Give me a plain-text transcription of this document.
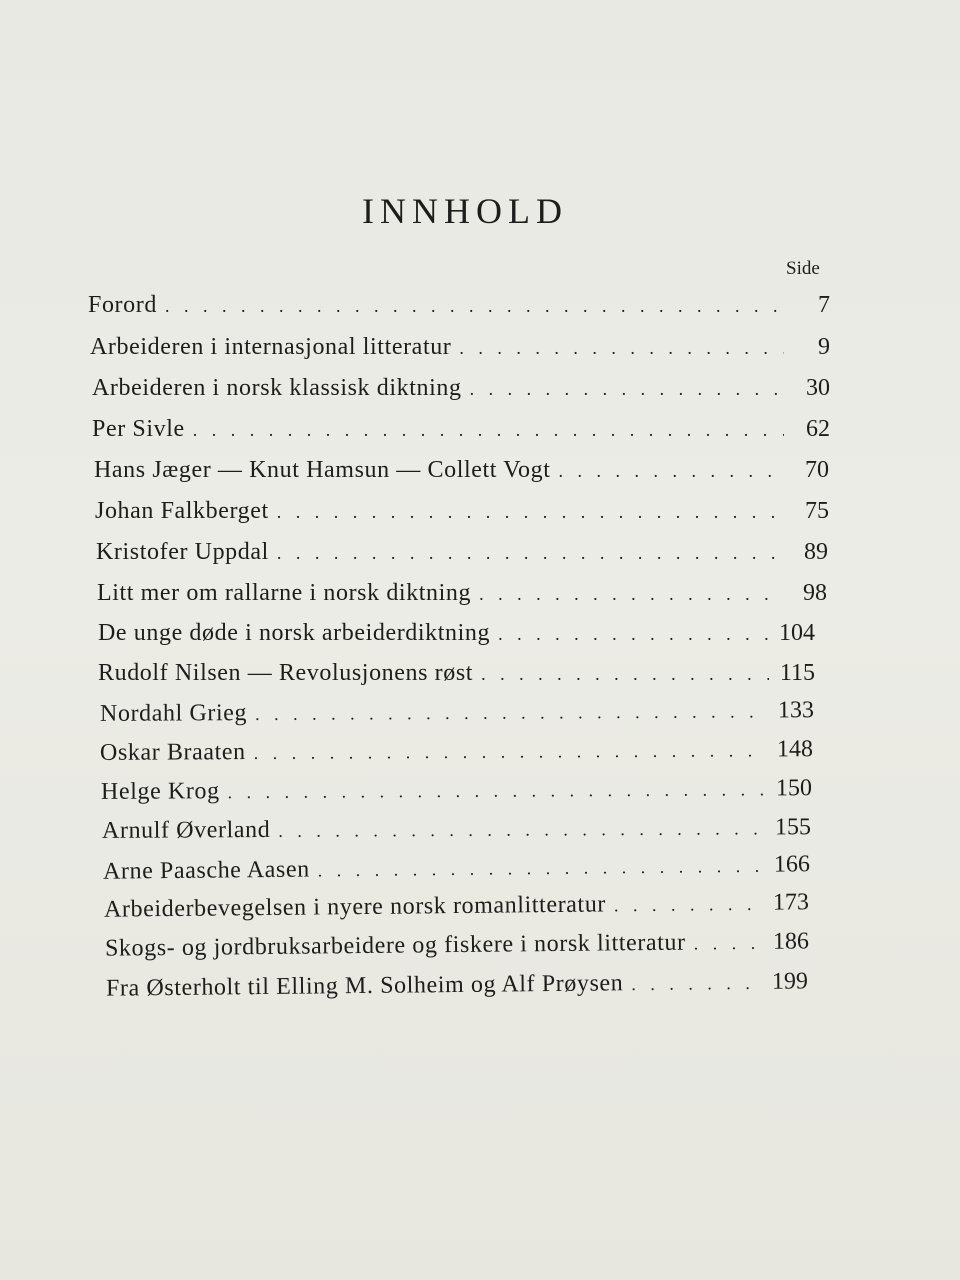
INNHOLD
Side
Forord . . .	7
Arbeideren i internasjonal litteratur . . .	9
Arbeideren i norsk klassisk diktning . . .	30
Per Sivle . . .	62
Hans Jæger — Knut Hamsun — Collett Vogt . . .	70
Johan Falkberget . . .	75
Kristofer Uppdal . . .	89
Litt mer om rallarne i norsk diktning . . .	98
De unge døde i norsk arbeiderdiktning . . .	104
Rudolf Nilsen — Revolusjonens røst . . .	115
Nordahl Grieg . . .	133
Oskar Braaten . . .	148
Helge Krog . . .	150
Arnulf Øverland . . .	155
Arne Paasche Aasen . . .	166
Arbeiderbevegelsen i nyere norsk romanlitteratur . . .	173
Skogs- og jordbruksarbeidere og fiskere i norsk litteratur . . .	186
Fra Østerholt til Elling M. Solheim og Alf Prøysen . . .	199
